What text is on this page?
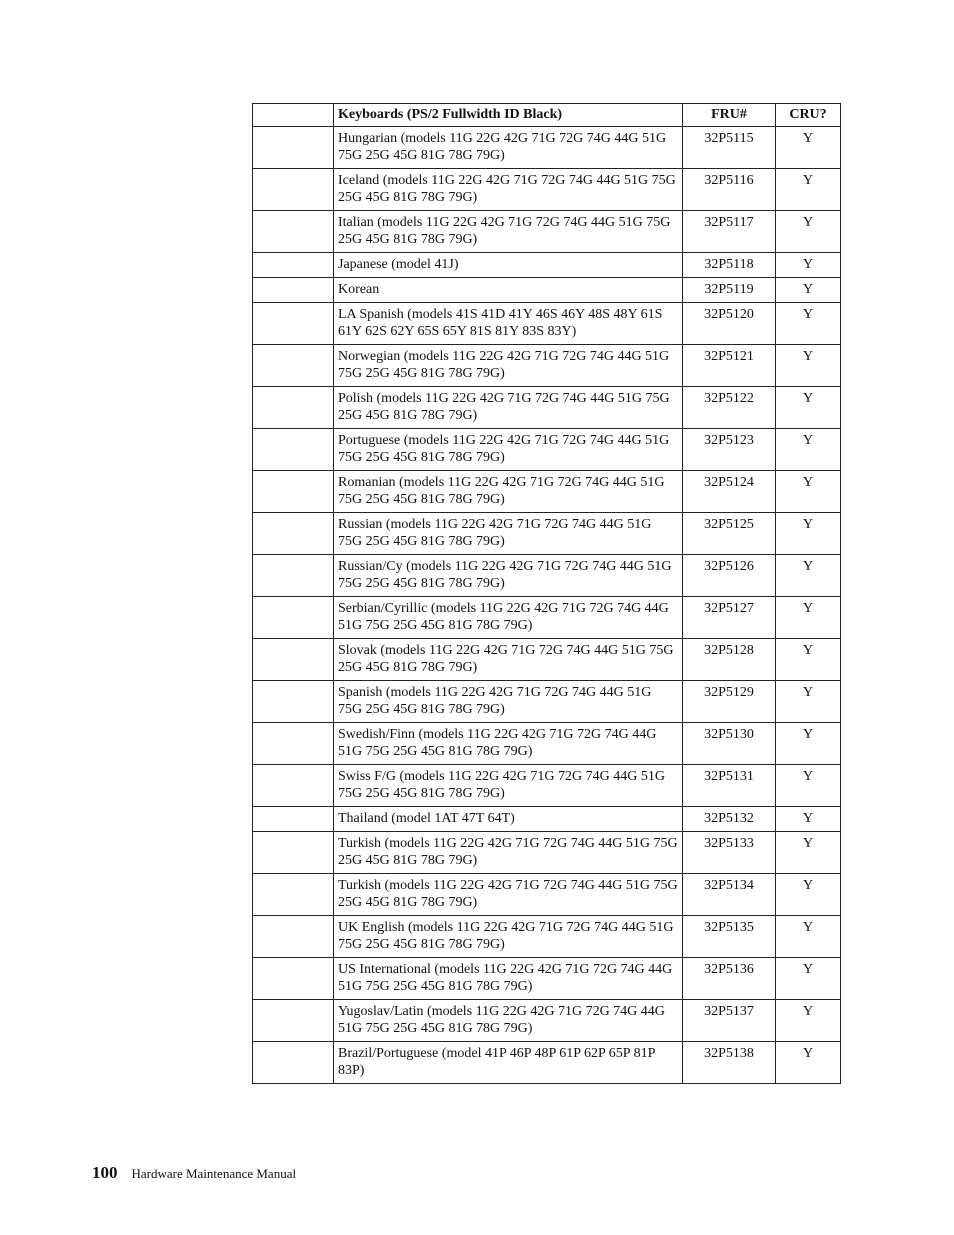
	Keyboards (PS/2 Fullwidth ID Black)	FRU#	CRU?
	Hungarian (models 11G 22G 42G 71G 72G 74G 44G 51G 75G 25G 45G 81G 78G 79G)	32P5115	Y
	Iceland (models 11G 22G 42G 71G 72G 74G 44G 51G 75G 25G 45G 81G 78G 79G)	32P5116	Y
	Italian (models 11G 22G 42G 71G 72G 74G 44G 51G 75G 25G 45G 81G 78G 79G)	32P5117	Y
	Japanese (model 41J)	32P5118	Y
	Korean	32P5119	Y
	LA Spanish (models 41S 41D 41Y 46S 46Y 48S 48Y 61S 61Y 62S 62Y 65S 65Y 81S 81Y 83S 83Y)	32P5120	Y
	Norwegian (models 11G 22G 42G 71G 72G 74G 44G 51G 75G 25G 45G 81G 78G 79G)	32P5121	Y
	Polish (models 11G 22G 42G 71G 72G 74G 44G 51G 75G 25G 45G 81G 78G 79G)	32P5122	Y
	Portuguese (models 11G 22G 42G 71G 72G 74G 44G 51G 75G 25G 45G 81G 78G 79G)	32P5123	Y
	Romanian (models 11G 22G 42G 71G 72G 74G 44G 51G 75G 25G 45G 81G 78G 79G)	32P5124	Y
	Russian (models 11G 22G 42G 71G 72G 74G 44G 51G 75G 25G 45G 81G 78G 79G)	32P5125	Y
	Russian/Cy (models 11G 22G 42G 71G 72G 74G 44G 51G 75G 25G 45G 81G 78G 79G)	32P5126	Y
	Serbian/Cyrillic (models 11G 22G 42G 71G 72G 74G 44G 51G 75G 25G 45G 81G 78G 79G)	32P5127	Y
	Slovak (models 11G 22G 42G 71G 72G 74G 44G 51G 75G 25G 45G 81G 78G 79G)	32P5128	Y
	Spanish (models 11G 22G 42G 71G 72G 74G 44G 51G 75G 25G 45G 81G 78G 79G)	32P5129	Y
	Swedish/Finn (models 11G 22G 42G 71G 72G 74G 44G 51G 75G 25G 45G 81G 78G 79G)	32P5130	Y
	Swiss F/G (models 11G 22G 42G 71G 72G 74G 44G 51G 75G 25G 45G 81G 78G 79G)	32P5131	Y
	Thailand (model 1AT 47T 64T)	32P5132	Y
	Turkish (models 11G 22G 42G 71G 72G 74G 44G 51G 75G 25G 45G 81G 78G 79G)	32P5133	Y
	Turkish (models 11G 22G 42G 71G 72G 74G 44G 51G 75G 25G 45G 81G 78G 79G)	32P5134	Y
	UK English (models 11G 22G 42G 71G 72G 74G 44G 51G 75G 25G 45G 81G 78G 79G)	32P5135	Y
	US International (models 11G 22G 42G 71G 72G 74G 44G 51G 75G 25G 45G 81G 78G 79G)	32P5136	Y
	Yugoslav/Latin (models 11G 22G 42G 71G 72G 74G 44G 51G 75G 25G 45G 81G 78G 79G)	32P5137	Y
	Brazil/Portuguese (model 41P 46P 48P 61P 62P 65P 81P 83P)	32P5138	Y
100 Hardware Maintenance Manual
